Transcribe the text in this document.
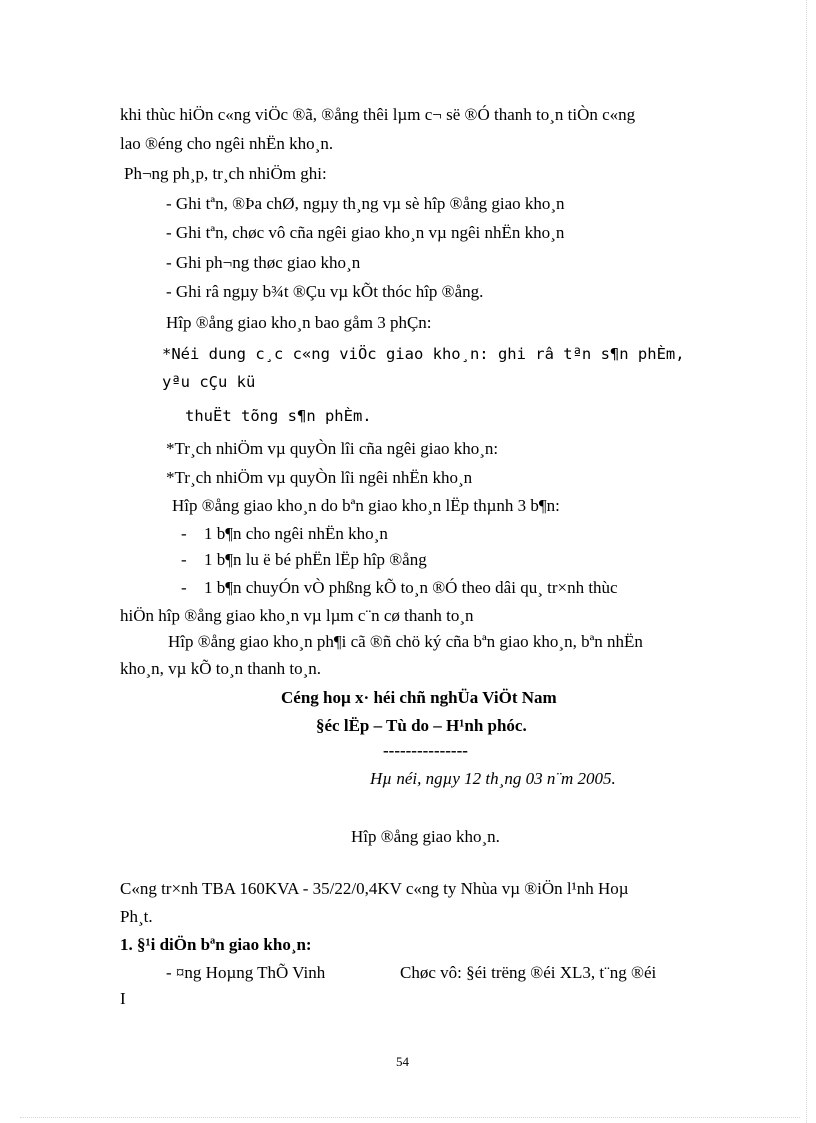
khi thùc hiÖn c«ng viÖc ®ã, ®ång thêi lµm c¬ së ®Ó thanh to¸n tiÒn c«ng
lao ®éng cho ngêi nhËn kho¸n.
Ph¬ng ph¸p, tr¸ch nhiÖm ghi:
- Ghi tªn, ®Þa chØ, ngµy th¸ng vµ sè hîp ®ång giao kho¸n
- Ghi tªn, chøc vô cña ngêi giao kho¸n vµ ngêi nhËn kho¸n
- Ghi ph¬ng thøc giao kho¸n
- Ghi râ ngµy b¾t ®Çu vµ kÕt thóc hîp ®ång.
Hîp ®ång giao kho¸n bao gåm 3 phÇn:
*Néi dung c¸c c«ng viÖc giao kho¸n: ghi râ tªn s¶n phÈm,
yªu cÇu kü
thuËt tõng s¶n phÈm.
*Tr¸ch nhiÖm vµ quyÒn lîi cña ngêi giao kho¸n:
*Tr¸ch nhiÖm vµ quyÒn lîi ngêi nhËn kho¸n
Hîp ®ång giao kho¸n do bªn giao kho¸n lËp thµnh 3 b¶n:
- 1 b¶n cho ngêi nhËn kho¸n
- 1 b¶n lu ë bé phËn lËp hîp ®ång
- 1 b¶n chuyÓn vÒ phßng kÕ to¸n ®Ó theo dâi qu¸ tr×nh thùc
hiÖn hîp ®ång giao kho¸n vµ lµm c¨n cø thanh to¸n
Hîp ®ång giao kho¸n ph¶i cã ®ñ chö ký cña bªn giao kho¸n, bªn nhËn
kho¸n, vµ kÕ to¸n thanh to¸n.
Céng hoµ x· héi chñ nghÜa ViÖt Nam
§éc lËp – Tù do – H¹nh phóc.
---------------
Hµ néi, ngµy 12 th¸ng 03 n¨m 2005.
Hîp ®ång giao kho¸n.
C«ng tr×nh TBA 160KVA - 35/22/0,4KV c«ng ty Nhùa vµ ®iÖn l¹nh Hoµ
Ph¸t.
1. §¹i diÖn bªn giao kho¸n:
- ¤ng Hoµng ThÕ Vinh	Chøc vô: §éi trëng ®éi XL3, t¨ng ®éi
I
54
